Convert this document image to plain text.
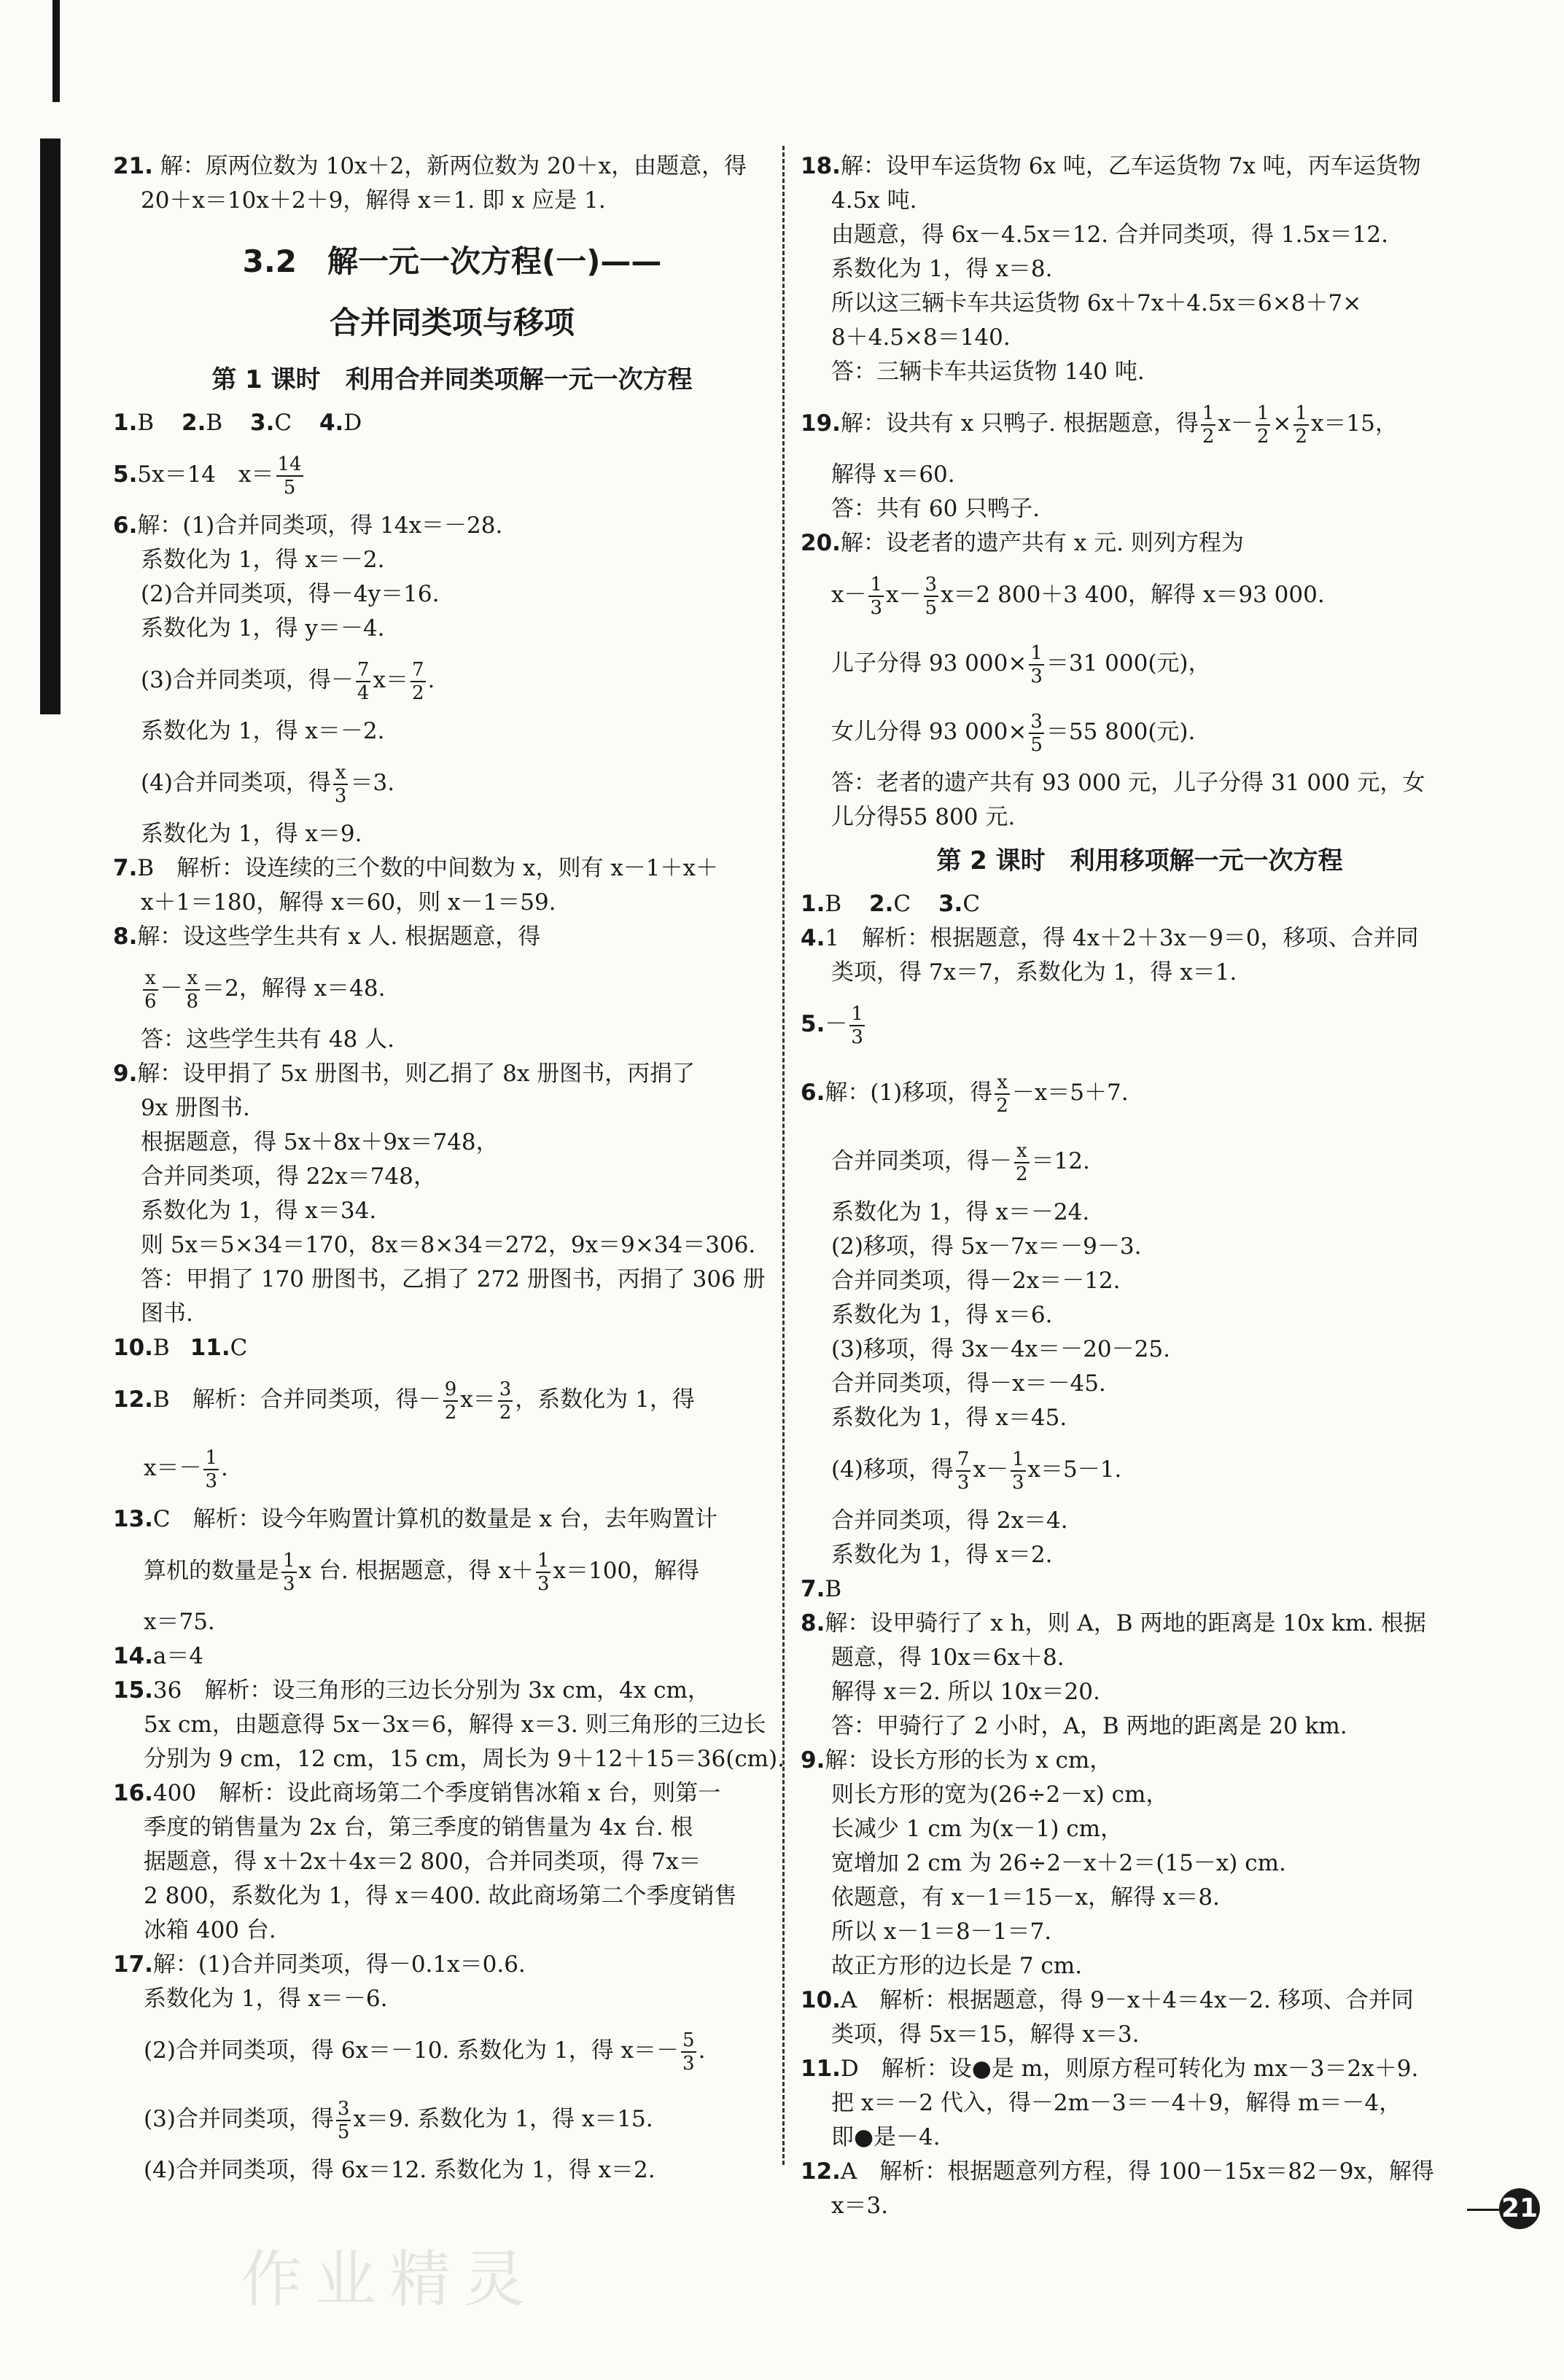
21. 解：原两位数为 10x＋2，新两位数为 20＋x，由题意，得
20＋x＝10x＋2＋9，解得 x＝1. 即 x 应是 1.
3.2　解一元一次方程(一)——
合并同类项与移项
第 1 课时　利用合并同类项解一元一次方程
1.B 2.B 3.C 4.D
5.5x＝14　$x= \frac{14}{5}$
6.解：(1)合并同类项，得 14x＝－28.
系数化为 1，得 x＝－2.
(2)合并同类项，得－4y＝16.
系数化为 1，得 y＝－4.
(3)合并同类项，得－ $\frac{7}{4} x= \frac{7}{2}$ .
系数化为 1，得 x＝－2.
(4)合并同类项，得 $\frac{x}{3} =3$.
系数化为 1，得 x＝9.
7.B　解析：设连续的三个数的中间数为 x，则有 x－1＋x＋
x＋1＝180，解得 x＝60，则 x－1＝59.
8.解：设这些学生共有 x 人. 根据题意，得
$\frac{x}{6} - \frac{x}{8} =2$，解得 x＝48.
答：这些学生共有 48 人.
9.解：设甲捐了 5x 册图书，则乙捐了 8x 册图书，丙捐了
9x 册图书.
根据题意，得 5x＋8x＋9x＝748，
合并同类项，得 22x＝748，
系数化为 1，得 x＝34.
则 5x＝5×34＝170，8x＝8×34＝272，9x＝9×34＝306.
答：甲捐了 170 册图书，乙捐了 272 册图书，丙捐了 306 册
图书.
10.B 11.C
12.B　解析：合并同类项，得－ $\frac{9}{2} x= \frac{3}{2}$ ，系数化为 1，得
$x=- \frac{1}{3}$ .
13.C　解析：设今年购置计算机的数量是 x 台，去年购置计
算机的数量是 $\frac{1}{3}$ x 台. 根据题意，得 $x+ \frac{1}{3} x=100$，解得
x＝75.
14.a＝4
15.36　解析：设三角形的三边长分别为 3x cm，4x cm，
5x cm，由题意得 5x－3x＝6，解得 x＝3. 则三角形的三边长
分别为 9 cm，12 cm，15 cm，周长为 9＋12＋15＝36(cm).
16.400　解析：设此商场第二个季度销售冰箱 x 台，则第一
季度的销售量为 2x 台，第三季度的销售量为 4x 台. 根
据题意，得 x＋2x＋4x＝2 800，合并同类项，得 7x＝
2 800，系数化为 1，得 x＝400. 故此商场第二个季度销售
冰箱 400 台.
17.解：(1)合并同类项，得－0.1x＝0.6.
系数化为 1，得 x＝－6.
(2)合并同类项，得 6x＝－10. 系数化为 1，得 $x=- \frac{5}{3}$ .
(3)合并同类项，得 $\frac{3}{5} x=9$. 系数化为 1，得 x＝15.
(4)合并同类项，得 6x＝12. 系数化为 1，得 x＝2.
18.解：设甲车运货物 6x 吨，乙车运货物 7x 吨，丙车运货物
4.5x 吨.
由题意，得 6x－4.5x＝12. 合并同类项，得 1.5x＝12.
系数化为 1，得 x＝8.
所以这三辆卡车共运货物 6x＋7x＋4.5x＝6×8＋7×
8＋4.5×8＝140.
答：三辆卡车共运货物 140 吨.
19.解：设共有 x 只鸭子. 根据题意，得 $\frac{1}{2} x- \frac{1}{2} \times \frac{1}{2} x=15$，
解得 x＝60.
答：共有 60 只鸭子.
20.解：设老者的遗产共有 x 元. 则列方程为
$x- \frac{1}{3} x- \frac{3}{5} x=2$ 800＋3 400，解得 x＝93 000.
儿子分得 93 $000\times \frac{1}{3} =31$ 000(元)，
女儿分得 93 $000\times \frac{3}{5} =55$ 800(元).
答：老者的遗产共有 93 000 元，儿子分得 31 000 元，女
儿分得55 800 元.
第 2 课时　利用移项解一元一次方程
1.B 2.C 3.C
4.1　解析：根据题意，得 4x＋2＋3x－9＝0，移项、合并同
类项，得 7x＝7，系数化为 1，得 x＝1.
$5.- \frac{1}{3}$
6.解：(1)移项，得 $\frac{x}{2} -x=5+7$.
合并同类项，得－ $\frac{x}{2} =12$.
系数化为 1，得 x＝－24.
(2)移项，得 5x－7x＝－9－3.
合并同类项，得－2x＝－12.
系数化为 1，得 x＝6.
(3)移项，得 3x－4x＝－20－25.
合并同类项，得－x＝－45.
系数化为 1，得 x＝45.
(4)移项，得 $\frac{7}{3} x- \frac{1}{3} x=5-1$.
合并同类项，得 2x＝4.
系数化为 1，得 x＝2.
7.B
8.解：设甲骑行了 x h，则 A，B 两地的距离是 10x km. 根据
题意，得 10x＝6x＋8.
解得 x＝2. 所以 10x＝20.
答：甲骑行了 2 小时，A，B 两地的距离是 20 km.
9.解：设长方形的长为 x cm，
则长方形的宽为(26÷2－x) cm，
长减少 1 cm 为(x－1) cm，
宽增加 2 cm 为 26÷2－x＋2＝(15－x) cm.
依题意，有 x－1＝15－x，解得 x＝8.
所以 x－1＝8－1＝7.
故正方形的边长是 7 cm.
10.A　解析：根据题意，得 9－x＋4＝4x－2. 移项、合并同
类项，得 5x＝15，解得 x＝3.
11.D　解析：设●是 m，则原方程可转化为 mx－3＝2x＋9.
把 x＝－2 代入，得－2m－3＝－4＋9，解得 m＝－4，
即●是－4.
12.A　解析：根据题意列方程，得 100－15x＝82－9x，解得
x＝3.	21
作业精灵
